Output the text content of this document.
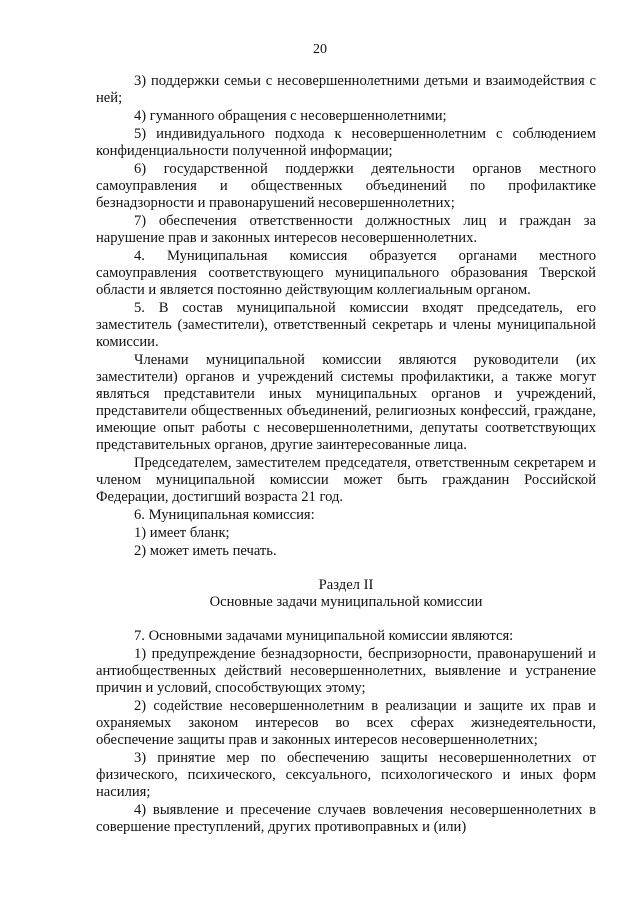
20

3) поддержки семьи с несовершеннолетними детьми и взаимодействия с ней;

4) гуманного обращения с несовершеннолетними;

5) индивидуального подхода к несовершеннолетним с соблюдением конфиденциальности полученной информации;

6) государственной поддержки деятельности органов местного самоуправления и общественных объединений по профилактике безнадзорности и правонарушений несовершеннолетних;

7) обеспечения ответственности должностных лиц и граждан за нарушение прав и законных интересов несовершеннолетних.

4. Муниципальная комиссия образуется органами местного самоуправления соответствующего муниципального образования Тверской области и является постоянно действующим коллегиальным органом.

5. В состав муниципальной комиссии входят председатель, его заместитель (заместители), ответственный секретарь и члены муниципальной комиссии.

Членами муниципальной комиссии являются руководители (их заместители) органов и учреждений системы профилактики, а также могут являться представители иных муниципальных органов и учреждений, представители общественных объединений, религиозных конфессий, граждане, имеющие опыт работы с несовершеннолетними, депутаты соответствующих представительных органов, другие заинтересованные лица.

Председателем, заместителем председателя, ответственным секретарем и членом муниципальной комиссии может быть гражданин Российской Федерации, достигший возраста 21 год.

6. Муниципальная комиссия:

1) имеет бланк;

2) может иметь печать.

Раздел II

Основные задачи муниципальной комиссии

7. Основными задачами муниципальной комиссии являются:

1) предупреждение безнадзорности, беспризорности, правонарушений и антиобщественных действий несовершеннолетних, выявление и устранение причин и условий, способствующих этому;

2) содействие несовершеннолетним в реализации и защите их прав и охраняемых законом интересов во всех сферах жизнедеятельности, обеспечение защиты прав и законных интересов несовершеннолетних;

3) принятие мер по обеспечению защиты несовершеннолетних от физического, психического, сексуального, психологического и иных форм насилия;

4) выявление и пресечение случаев вовлечения несовершеннолетних в совершение преступлений, других противоправных и (или)
